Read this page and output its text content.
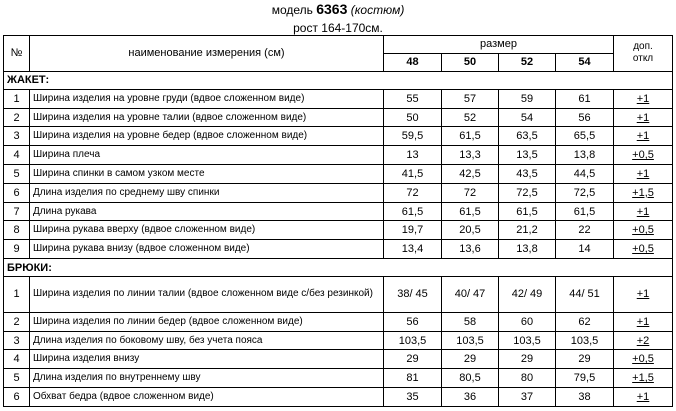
модель 6363 (костюм)
рост 164-170см.
№	наименование измерения (см)	размер				доп.
откл

		48	50	52	54	
ЖАКЕТ:						
1	Ширина изделия на уровне груди (вдвое сложенном виде)	55	57	59	61	+1
2	Ширина изделия на уровне талии (вдвое сложенном виде)	50	52	54	56	+1
3	Ширина изделия на уровне бедер (вдвое сложенном виде)	59,5	61,5	63,5	65,5	+1
4	Ширина плеча	13	13,3	13,5	13,8	+0,5
5	Ширина спинки в самом узком месте	41,5	42,5	43,5	44,5	+1
6	Длина изделия по среднему шву спинки	72	72	72,5	72,5	+1,5
7	Длина рукава	61,5	61,5	61,5	61,5	+1
8	Ширина рукава вверху (вдвое сложенном виде)	19,7	20,5	21,2	22	+0,5
9	Ширина рукава внизу (вдвое сложенном виде)	13,4	13,6	13,8	14	+0,5
БРЮКИ:						
1	Ширина изделия по линии талии (вдвое сложенном виде с/без резинкой)	38/ 45	40/ 47	42/ 49	44/ 51	+1
2	Ширина изделия по линии бедер (вдвое сложенном виде)	56	58	60	62	+1
3	Длина изделия по боковому шву, без учета пояса	103,5	103,5	103,5	103,5	+2
4	Ширина изделия внизу	29	29	29	29	+0,5
5	Длина изделия по внутреннему шву	81	80,5	80	79,5	+1,5
6	Обхват бедра (вдвое сложенном виде)	35	36	37	38	+1
